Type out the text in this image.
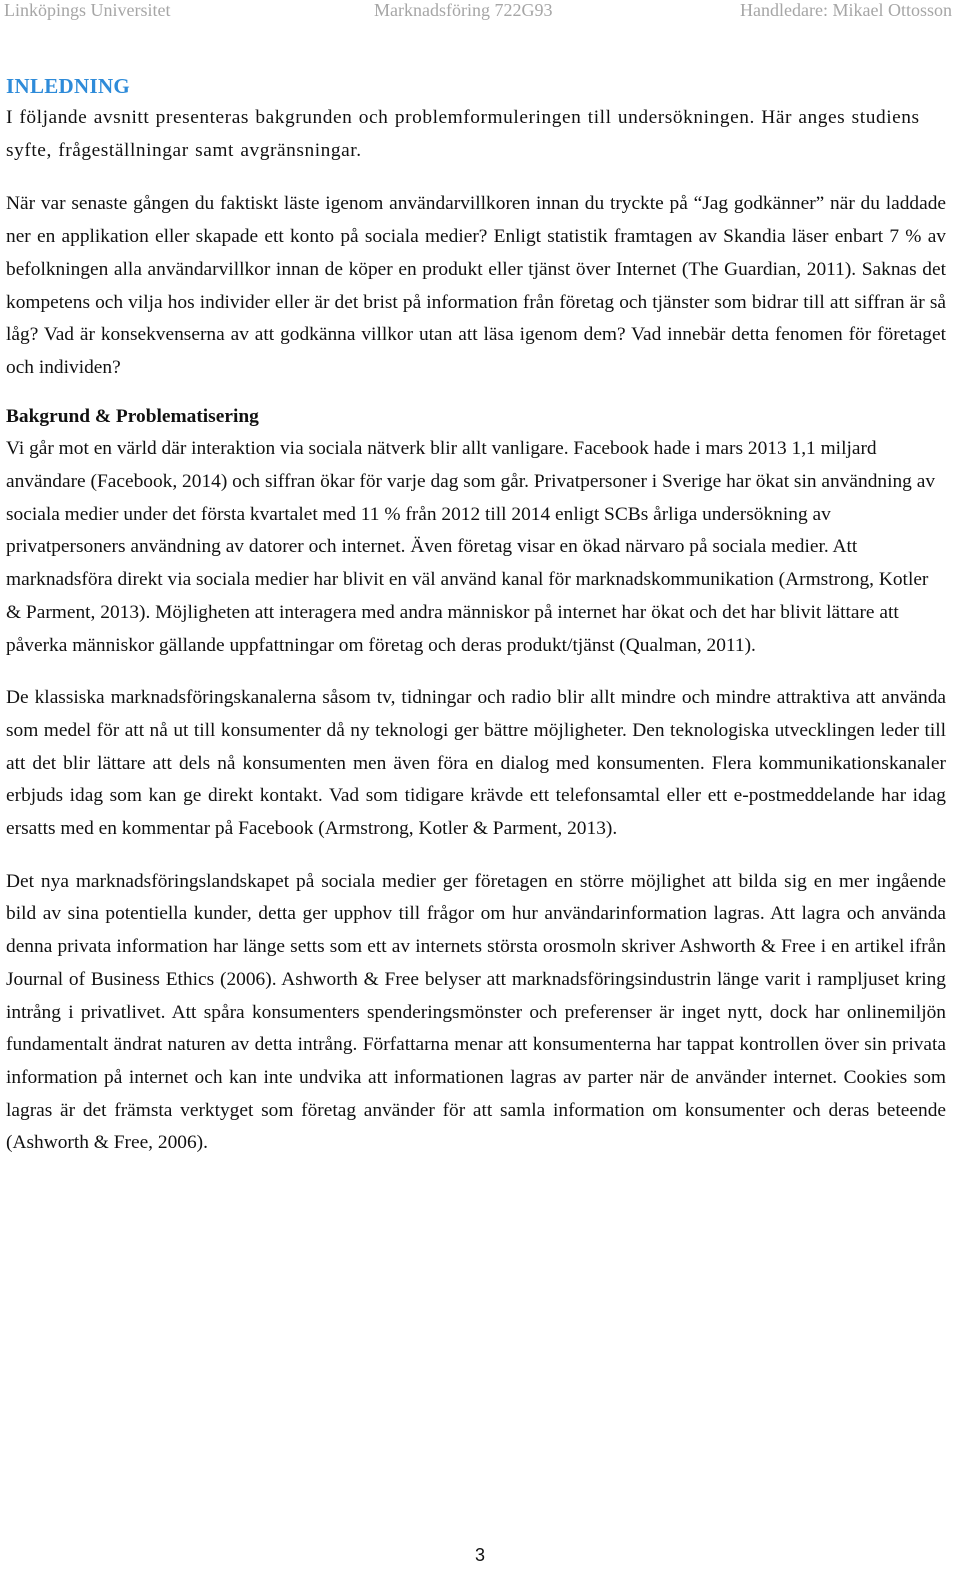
Linköpings Universitet	Marknadsföring 722G93	Handledare: Mikael Ottosson

INLEDNING

I följande avsnitt presenteras bakgrunden och problemformuleringen till undersökningen. Här anges studiens syfte, frågeställningar samt avgränsningar.

När var senaste gången du faktiskt läste igenom användarvillkoren innan du tryckte på “Jag godkänner” när du laddade ner en applikation eller skapade ett konto på sociala medier? Enligt statistik framtagen av Skandia läser enbart 7 % av befolkningen alla användarvillkor innan de köper en produkt eller tjänst över Internet (The Guardian, 2011). Saknas det kompetens och vilja hos individer eller är det brist på information från företag och tjänster som bidrar till att siffran är så låg? Vad är konsekvenserna av att godkänna villkor utan att läsa igenom dem? Vad innebär detta fenomen för företaget och individen?

Bakgrund & Problematisering

Vi går mot en värld där interaktion via sociala nätverk blir allt vanligare. Facebook hade i mars 2013 1,1 miljard användare (Facebook, 2014) och siffran ökar för varje dag som går. Privatpersoner i Sverige har ökat sin användning av sociala medier under det första kvartalet med 11 % från 2012 till 2014 enligt SCBs årliga undersökning av privatpersoners användning av datorer och internet. Även företag visar en ökad närvaro på sociala medier. Att marknadsföra direkt via sociala medier har blivit en väl använd kanal för marknadskommunikation (Armstrong, Kotler & Parment, 2013). Möjligheten att interagera med andra människor på internet har ökat och det har blivit lättare att påverka människor gällande uppfattningar om företag och deras produkt/tjänst (Qualman, 2011).

De klassiska marknadsföringskanalerna såsom tv, tidningar och radio blir allt mindre och mindre attraktiva att använda som medel för att nå ut till konsumenter då ny teknologi ger bättre möjligheter. Den teknologiska utvecklingen leder till att det blir lättare att dels nå konsumenten men även föra en dialog med konsumenten. Flera kommunikationskanaler erbjuds idag som kan ge direkt kontakt. Vad som tidigare krävde ett telefonsamtal eller ett e-postmeddelande har idag ersatts med en kommentar på Facebook (Armstrong, Kotler & Parment, 2013).

Det nya marknadsföringslandskapet på sociala medier ger företagen en större möjlighet att bilda sig en mer ingående bild av sina potentiella kunder, detta ger upphov till frågor om hur användarinformation lagras. Att lagra och använda denna privata information har länge setts som ett av internets största orosmoln skriver Ashworth & Free i en artikel ifrån Journal of Business Ethics (2006). Ashworth & Free belyser att marknadsföringsindustrin länge varit i rampljuset kring intrång i privatlivet. Att spåra konsumenters spenderingsmönster och preferenser är inget nytt, dock har onlinemiljön fundamentalt ändrat naturen av detta intrång. Författarna menar att konsumenterna har tappat kontrollen över sin privata information på internet och kan inte undvika att informationen lagras av parter när de använder internet. Cookies som lagras är det främsta verktyget som företag använder för att samla information om konsumenter och deras beteende (Ashworth & Free, 2006).

3
